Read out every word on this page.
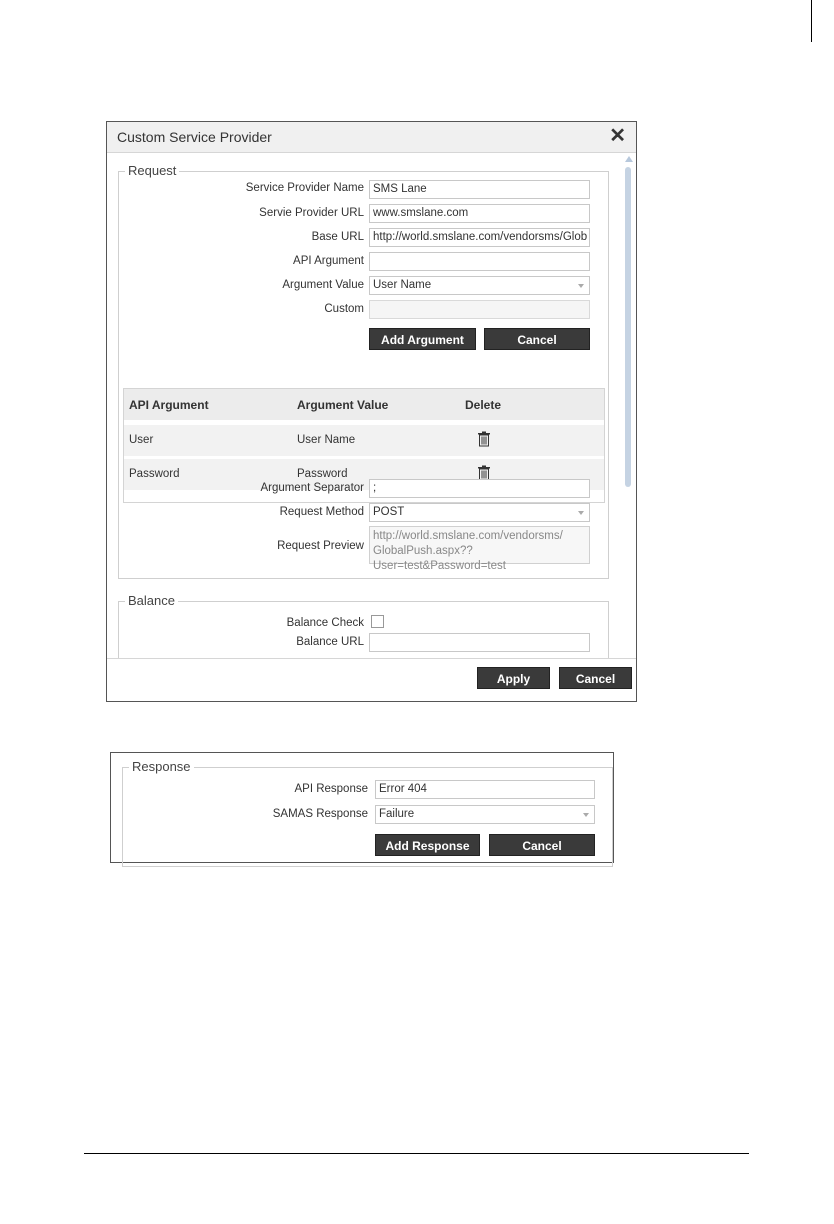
Custom Service Provider	✕
Request
Service Provider Name SMS Lane
Servie Provider URL www.smslane.com
Base URL http://world.smslane.com/vendorsms/Glob
API Argument
Argument Value User Name
Custom
Add Argument	Cancel
API Argument	Argument Value	Delete
User	User Name
Password	Password
Argument Separator ;
Request Method POST
Request Preview
http://world.smslane.com/vendorsms/
GlobalPush.aspx??
User=test&Password=test
Balance
Balance Check
Balance URL
Apply	Cancel
Response
API Response Error 404
SAMAS Response Failure
Add Response	Cancel
